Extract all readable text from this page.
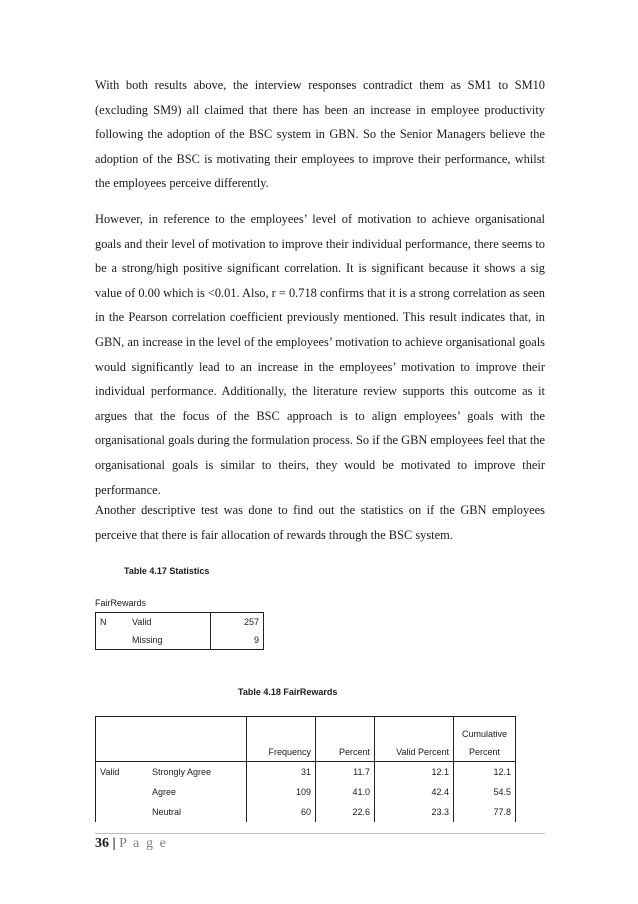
With both results above, the interview responses contradict them as SM1 to SM10 (excluding SM9) all claimed that there has been an increase in employee productivity following the adoption of the BSC system in GBN. So the Senior Managers believe the adoption of the BSC is motivating their employees to improve their performance, whilst the employees perceive differently.

However, in reference to the employees’ level of motivation to achieve organisational goals and their level of motivation to improve their individual performance, there seems to be a strong/high positive significant correlation. It is significant because it shows a sig value of 0.00 which is <0.01. Also, r = 0.718 confirms that it is a strong correlation as seen in the Pearson correlation coefficient previously mentioned. This result indicates that, in GBN, an increase in the level of the employees’ motivation to achieve organisational goals would significantly lead to an increase in the employees’ motivation to improve their individual performance. Additionally, the literature review supports this outcome as it argues that the focus of the BSC approach is to align employees’ goals with the organisational goals during the formulation process. So if the GBN employees feel that the organisational goals is similar to theirs, they would be motivated to improve their performance.

Another descriptive test was done to find out the statistics on if the GBN employees perceive that there is fair allocation of rewards through the BSC system.

Table 4.17 Statistics

FairRewards
N	Valid	257
	Missing	9

Table 4.18 FairRewards

		Frequency	Percent	Valid Percent	Cumulative
Percent

Valid	Strongly Agree	31	11.7	12.1	12.1
	Agree	109	41.0	42.4	54.5
	Neutral	60	22.6	23.3	77.8
36 | P a g e
